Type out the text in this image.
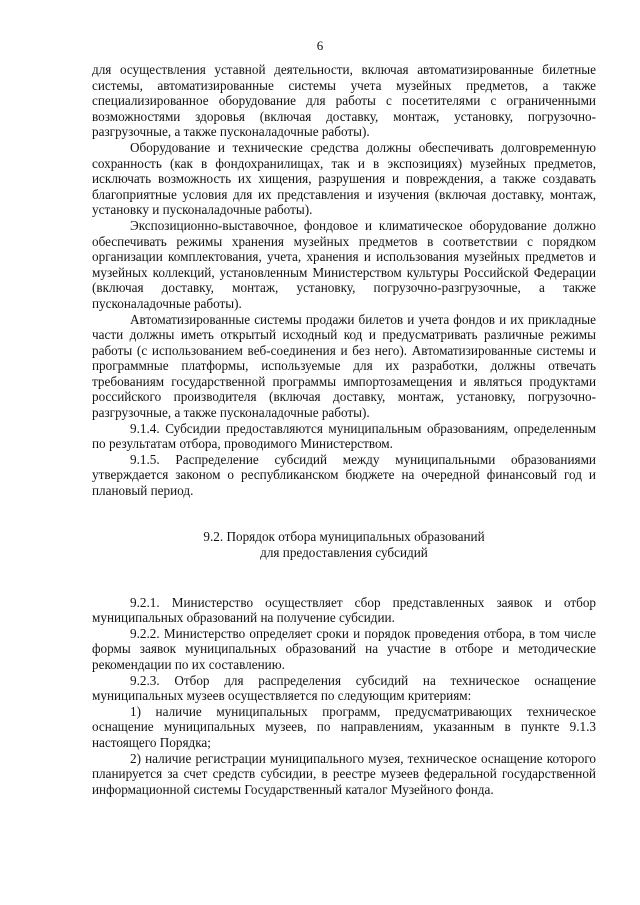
6

для осуществления уставной деятельности, включая автоматизированные билетные системы, автоматизированные системы учета музейных предметов, а также специализированное оборудование для работы с посетителями с ограниченными возможностями здоровья (включая доставку, монтаж, установку, погрузочно-разгрузочные, а также пусконаладочные работы).

Оборудование и технические средства должны обеспечивать долговременную сохранность (как в фондохранилищах, так и в экспозициях) музейных предметов, исключать возможность их хищения, разрушения и повреждения, а также создавать благоприятные условия для их представления и изучения (включая доставку, монтаж, установку и пусконаладочные работы).

Экспозиционно-выставочное, фондовое и климатическое оборудование должно обеспечивать режимы хранения музейных предметов в соответствии с порядком организации комплектования, учета, хранения и использования музейных предметов и музейных коллекций, установленным Министерством культуры Российской Федерации (включая доставку, монтаж, установку, погрузочно-разгрузочные, а также пусконаладочные работы).

Автоматизированные системы продажи билетов и учета фондов и их прикладные части должны иметь открытый исходный код и предусматривать различные режимы работы (с использованием веб-соединения и без него). Автоматизированные системы и программные платформы, используемые для их разработки, должны отвечать требованиям государственной программы импортозамещения и являться продуктами российского производителя (включая доставку, монтаж, установку, погрузочно-разгрузочные, а также пусконаладочные работы).

9.1.4. Субсидии предоставляются муниципальным образованиям, определенным по результатам отбора, проводимого Министерством.

9.1.5. Распределение субсидий между муниципальными образованиями утверждается законом о республиканском бюджете на очередной финансовый год и плановый период.

9.2. Порядок отбора муниципальных образований
для предоставления субсидий

9.2.1. Министерство осуществляет сбор представленных заявок и отбор муниципальных образований на получение субсидии.

9.2.2. Министерство определяет сроки и порядок проведения отбора, в том числе формы заявок муниципальных образований на участие в отборе и методические рекомендации по их составлению.

9.2.3. Отбор для распределения субсидий на техническое оснащение муниципальных музеев осуществляется по следующим критериям:

1) наличие муниципальных программ, предусматривающих техническое оснащение муниципальных музеев, по направлениям, указанным в пункте 9.1.3 настоящего Порядка;

2) наличие регистрации муниципального музея, техническое оснащение которого планируется за счет средств субсидии, в реестре музеев федеральной государственной информационной системы Государственный каталог Музейного фонда.
